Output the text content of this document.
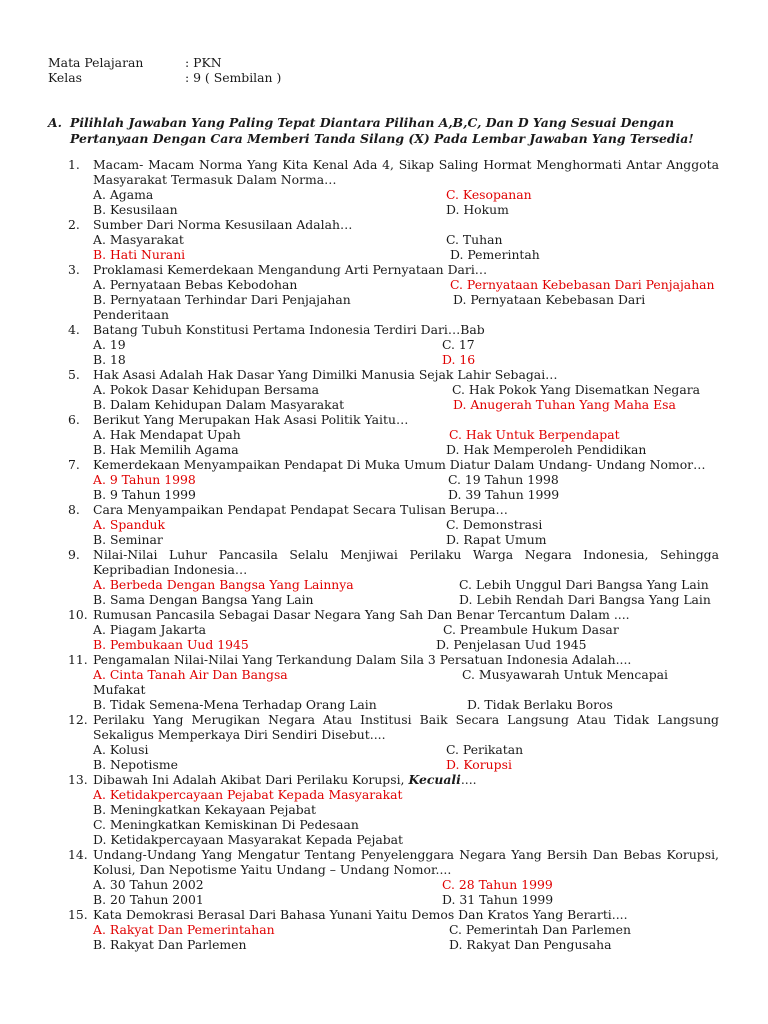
Mata Pelajaran	: PKN
Kelas	: 9 ( Sembilan )
A. Pilihlah Jawaban Yang Paling Tepat Diantara Pilihan A,B,C, Dan D Yang Sesuai Dengan Pertanyaan Dengan Cara Memberi Tanda Silang (X) Pada Lembar Jawaban Yang Tersedia!
1. Macam- Macam Norma Yang Kita Kenal Ada 4, Sikap Saling Hormat Menghormati Antar Anggota Masyarakat Termasuk Dalam Norma…
A. Agama	C. Kesopanan
B. Kesusilaan	D. Hokum
2. Sumber Dari Norma Kesusilaan Adalah…
A. Masyarakat	C. Tuhan
B. Hati Nurani	D. Pemerintah
3. Proklamasi Kemerdekaan Mengandung Arti Pernyataan Dari…
A. Pernyataan Bebas Kebodohan	C. Pernyataan Kebebasan Dari Penjajahan
B. Pernyataan Terhindar Dari Penjajahan	D. Pernyataan Kebebasan Dari
Penderitaan
4. Batang Tubuh Konstitusi Pertama Indonesia Terdiri Dari…Bab
A. 19	C. 17
B. 18	D. 16
5. Hak Asasi Adalah Hak Dasar Yang Dimilki Manusia Sejak Lahir Sebagai…
A. Pokok Dasar Kehidupan Bersama	C. Hak Pokok Yang Disematkan Negara
B. Dalam Kehidupan Dalam Masyarakat	D. Anugerah Tuhan Yang Maha Esa
6. Berikut Yang Merupakan Hak Asasi Politik Yaitu…
A. Hak Mendapat Upah	C. Hak Untuk Berpendapat
B. Hak Memilih Agama	D. Hak Memperoleh Pendidikan
7. Kemerdekaan Menyampaikan Pendapat Di Muka Umum Diatur Dalam Undang- Undang Nomor…
A. 9 Tahun 1998	C. 19 Tahun 1998
B. 9 Tahun 1999	D. 39 Tahun 1999
8. Cara Menyampaikan Pendapat Pendapat Secara Tulisan Berupa…
A. Spanduk	C. Demonstrasi
B. Seminar	D. Rapat Umum
9. Nilai-Nilai Luhur Pancasila Selalu Menjiwai Perilaku Warga Negara Indonesia, Sehingga Kepribadian Indonesia…
A. Berbeda Dengan Bangsa Yang Lainnya	C. Lebih Unggul Dari Bangsa Yang Lain
B. Sama Dengan Bangsa Yang Lain	D. Lebih Rendah Dari Bangsa Yang Lain
10. Rumusan Pancasila Sebagai Dasar Negara Yang Sah Dan Benar Tercantum Dalam ....
A. Piagam Jakarta	C. Preambule Hukum Dasar
B. Pembukaan Uud 1945	D. Penjelasan Uud 1945
11. Pengamalan Nilai-Nilai Yang Terkandung Dalam Sila 3 Persatuan Indonesia Adalah....
A. Cinta Tanah Air Dan Bangsa	C. Musyawarah Untuk Mencapai
Mufakat
B. Tidak Semena-Mena Terhadap Orang Lain	D. Tidak Berlaku Boros
12. Perilaku Yang Merugikan Negara Atau Institusi Baik Secara Langsung Atau Tidak Langsung Sekaligus Memperkaya Diri Sendiri Disebut....
A. Kolusi	C. Perikatan
B. Nepotisme	D. Korupsi
13. Dibawah Ini Adalah Akibat Dari Perilaku Korupsi, Kecuali....
A. Ketidakpercayaan Pejabat Kepada Masyarakat
B. Meningkatkan Kekayaan Pejabat
C. Meningkatkan Kemiskinan Di Pedesaan
D. Ketidakpercayaan Masyarakat Kepada Pejabat
14. Undang-Undang Yang Mengatur Tentang Penyelenggara Negara Yang Bersih Dan Bebas Korupsi, Kolusi, Dan Nepotisme Yaitu Undang – Undang Nomor....
A. 30 Tahun 2002	C. 28 Tahun 1999
B. 20 Tahun 2001	D. 31 Tahun 1999
15. Kata Demokrasi Berasal Dari Bahasa Yunani Yaitu Demos Dan Kratos Yang Berarti....
A. Rakyat Dan Pemerintahan	C. Pemerintah Dan Parlemen
B. Rakyat Dan Parlemen	D. Rakyat Dan Pengusaha
